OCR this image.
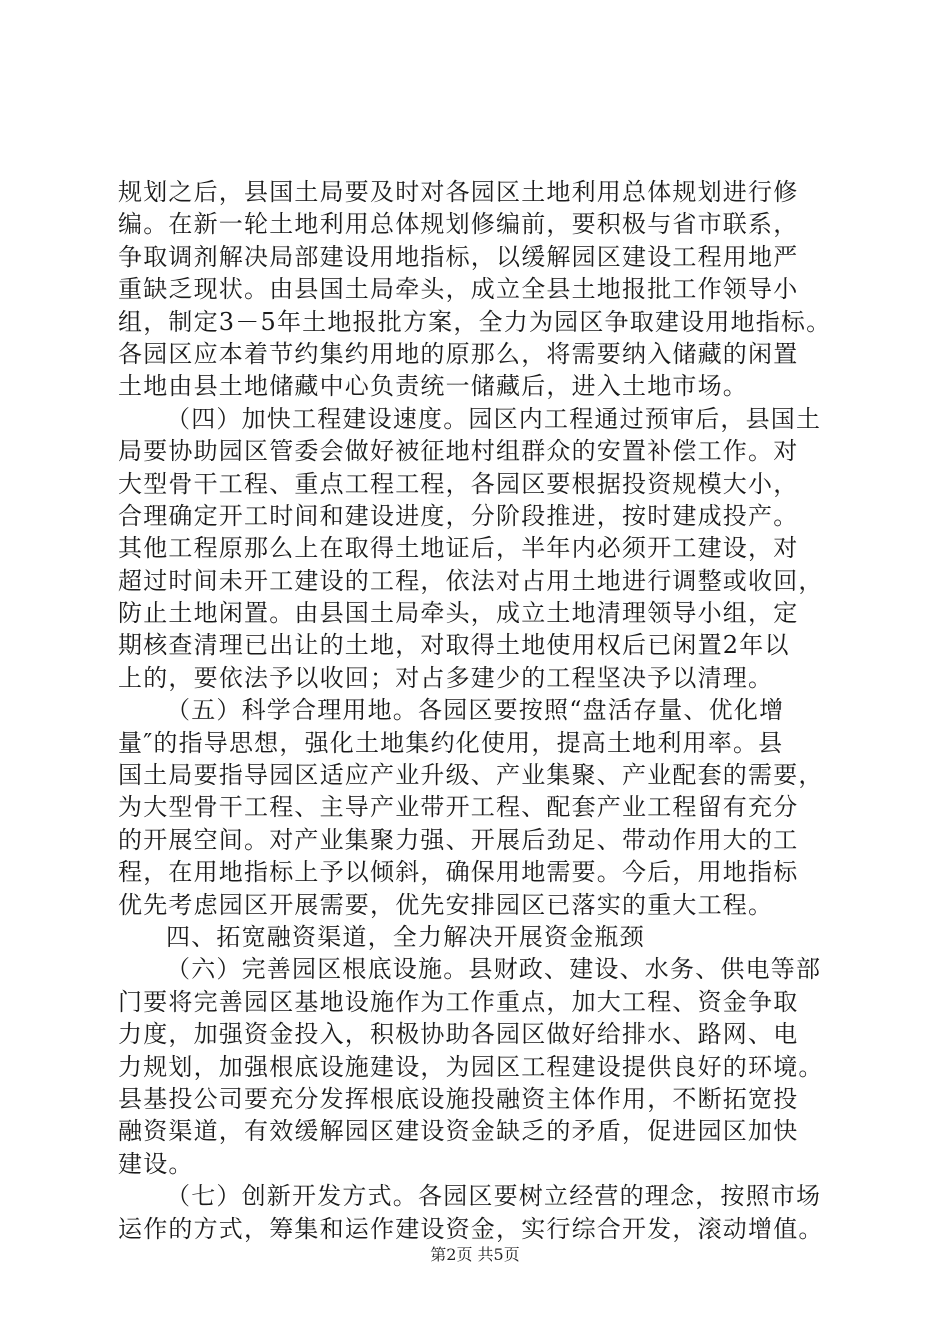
规划之后，县国土局要及时对各园区土地利用总体规划进行修
编。在新一轮土地利用总体规划修编前，要积极与省市联系，
争取调剂解决局部建设用地指标，以缓解园区建设工程用地严
重缺乏现状。由县国土局牵头，成立全县土地报批工作领导小
组，制定3－5年土地报批方案，全力为园区争取建设用地指标。
各园区应本着节约集约用地的原那么，将需要纳入储藏的闲置
土地由县土地储藏中心负责统一储藏后，进入土地市场。
（四）加快工程建设速度。园区内工程通过预审后，县国土
局要协助园区管委会做好被征地村组群众的安置补偿工作。对
大型骨干工程、重点工程工程，各园区要根据投资规模大小，
合理确定开工时间和建设进度，分阶段推进，按时建成投产。
其他工程原那么上在取得土地证后，半年内必须开工建设，对
超过时间未开工建设的工程，依法对占用土地进行调整或收回，
防止土地闲置。由县国土局牵头，成立土地清理领导小组，定
期核查清理已出让的土地，对取得土地使用权后已闲置2年以
上的，要依法予以收回；对占多建少的工程坚决予以清理。
（五）科学合理用地。各园区要按照“盘活存量、优化增
量″的指导思想，强化土地集约化使用，提高土地利用率。县
国土局要指导园区适应产业升级、产业集聚、产业配套的需要，
为大型骨干工程、主导产业带开工程、配套产业工程留有充分
的开展空间。对产业集聚力强、开展后劲足、带动作用大的工
程，在用地指标上予以倾斜，确保用地需要。今后，用地指标
优先考虑园区开展需要，优先安排园区已落实的重大工程。
四、拓宽融资渠道，全力解决开展资金瓶颈
（六）完善园区根底设施。县财政、建设、水务、供电等部
门要将完善园区基地设施作为工作重点，加大工程、资金争取
力度，加强资金投入，积极协助各园区做好给排水、路网、电
力规划，加强根底设施建设，为园区工程建设提供良好的环境。
县基投公司要充分发挥根底设施投融资主体作用，不断拓宽投
融资渠道，有效缓解园区建设资金缺乏的矛盾，促进园区加快
建设。
（七）创新开发方式。各园区要树立经营的理念，按照市场
运作的方式，筹集和运作建设资金，实行综合开发，滚动增值。
第2页 共5页
